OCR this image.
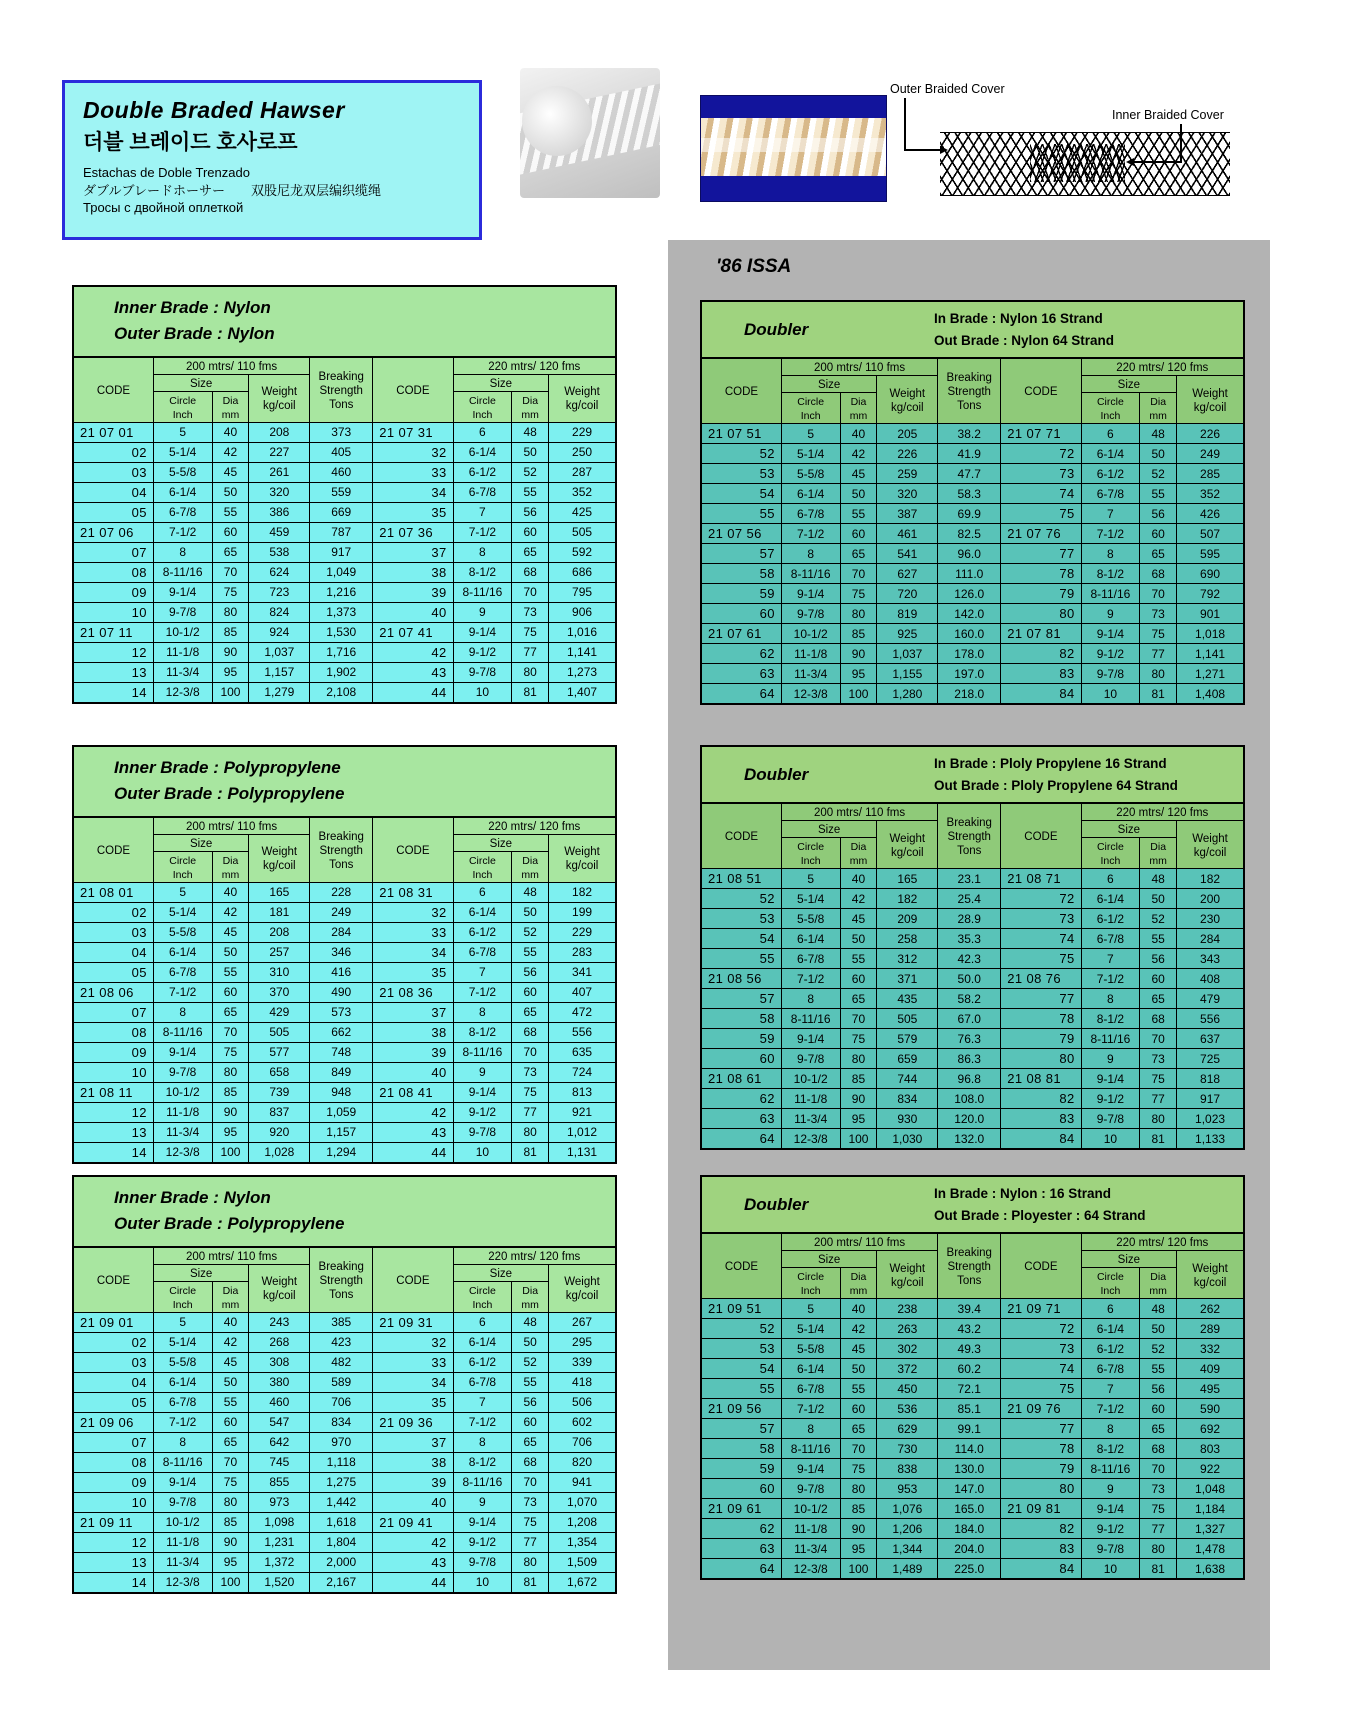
Double Braded Hawser
더블 브레이드 호사로프
Estachas de Doble Trenzado
ダブルブレードホーサー　　双股尼龙双层编织缆绳
Тросы с двойной оплеткой
Outer Braided Cover
Inner Braided Cover
'86 ISSA
Inner Brade : Nylon
Outer Brade : Nylon
CODE	200 mtrs/ 110 fms			Breaking
Strength
Tons	CODE	220 mtrs/ 120 fms		
	Size		Weight
kg/coil			Size		Weight
kg/coil
	Circle
Inch	Dia
mm				Circle
Inch	Dia
mm	
21 07 01	5	40	208	373	21 07 31	6	48	229
02	5-1/4	42	227	405	32	6-1/4	50	250
03	5-5/8	45	261	460	33	6-1/2	52	287
04	6-1/4	50	320	559	34	6-7/8	55	352
05	6-7/8	55	386	669	35	7	56	425
21 07 06	7-1/2	60	459	787	21 07 36	7-1/2	60	505
07	8	65	538	917	37	8	65	592
08	8-11/16	70	624	1,049	38	8-1/2	68	686
09	9-1/4	75	723	1,216	39	8-11/16	70	795
10	9-7/8	80	824	1,373	40	9	73	906
21 07 11	10-1/2	85	924	1,530	21 07 41	9-1/4	75	1,016
12	11-1/8	90	1,037	1,716	42	9-1/2	77	1,141
13	11-3/4	95	1,157	1,902	43	9-7/8	80	1,273
14	12-3/8	100	1,279	2,108	44	10	81	1,407
Inner Brade : Polypropylene
Outer Brade : Polypropylene
CODE	200 mtrs/ 110 fms			Breaking
Strength
Tons	CODE	220 mtrs/ 120 fms		
	Size		Weight
kg/coil			Size		Weight
kg/coil
	Circle
Inch	Dia
mm				Circle
Inch	Dia
mm	
21 08 01	5	40	165	228	21 08 31	6	48	182
02	5-1/4	42	181	249	32	6-1/4	50	199
03	5-5/8	45	208	284	33	6-1/2	52	229
04	6-1/4	50	257	346	34	6-7/8	55	283
05	6-7/8	55	310	416	35	7	56	341
21 08 06	7-1/2	60	370	490	21 08 36	7-1/2	60	407
07	8	65	429	573	37	8	65	472
08	8-11/16	70	505	662	38	8-1/2	68	556
09	9-1/4	75	577	748	39	8-11/16	70	635
10	9-7/8	80	658	849	40	9	73	724
21 08 11	10-1/2	85	739	948	21 08 41	9-1/4	75	813
12	11-1/8	90	837	1,059	42	9-1/2	77	921
13	11-3/4	95	920	1,157	43	9-7/8	80	1,012
14	12-3/8	100	1,028	1,294	44	10	81	1,131
Inner Brade : Nylon
Outer Brade : Polypropylene
CODE	200 mtrs/ 110 fms			Breaking
Strength
Tons	CODE	220 mtrs/ 120 fms		
	Size		Weight
kg/coil			Size		Weight
kg/coil
	Circle
Inch	Dia
mm				Circle
Inch	Dia
mm	
21 09 01	5	40	243	385	21 09 31	6	48	267
02	5-1/4	42	268	423	32	6-1/4	50	295
03	5-5/8	45	308	482	33	6-1/2	52	339
04	6-1/4	50	380	589	34	6-7/8	55	418
05	6-7/8	55	460	706	35	7	56	506
21 09 06	7-1/2	60	547	834	21 09 36	7-1/2	60	602
07	8	65	642	970	37	8	65	706
08	8-11/16	70	745	1,118	38	8-1/2	68	820
09	9-1/4	75	855	1,275	39	8-11/16	70	941
10	9-7/8	80	973	1,442	40	9	73	1,070
21 09 11	10-1/2	85	1,098	1,618	21 09 41	9-1/4	75	1,208
12	11-1/8	90	1,231	1,804	42	9-1/2	77	1,354
13	11-3/4	95	1,372	2,000	43	9-7/8	80	1,509
14	12-3/8	100	1,520	2,167	44	10	81	1,672
Doubler
In Brade : Nylon 16 Strand
Out Brade : Nylon 64 Strand
CODE	200 mtrs/ 110 fms			Breaking
Strength
Tons	CODE	220 mtrs/ 120 fms		
	Size		Weight
kg/coil			Size		Weight
kg/coil
	Circle
Inch	Dia
mm				Circle
Inch	Dia
mm	
21 07 51	5	40	205	38.2	21 07 71	6	48	226
52	5-1/4	42	226	41.9	72	6-1/4	50	249
53	5-5/8	45	259	47.7	73	6-1/2	52	285
54	6-1/4	50	320	58.3	74	6-7/8	55	352
55	6-7/8	55	387	69.9	75	7	56	426
21 07 56	7-1/2	60	461	82.5	21 07 76	7-1/2	60	507
57	8	65	541	96.0	77	8	65	595
58	8-11/16	70	627	111.0	78	8-1/2	68	690
59	9-1/4	75	720	126.0	79	8-11/16	70	792
60	9-7/8	80	819	142.0	80	9	73	901
21 07 61	10-1/2	85	925	160.0	21 07 81	9-1/4	75	1,018
62	11-1/8	90	1,037	178.0	82	9-1/2	77	1,141
63	11-3/4	95	1,155	197.0	83	9-7/8	80	1,271
64	12-3/8	100	1,280	218.0	84	10	81	1,408
Doubler
In Brade : Ploly Propylene 16 Strand
Out Brade : Ploly Propylene 64 Strand
CODE	200 mtrs/ 110 fms			Breaking
Strength
Tons	CODE	220 mtrs/ 120 fms		
	Size		Weight
kg/coil			Size		Weight
kg/coil
	Circle
Inch	Dia
mm				Circle
Inch	Dia
mm	
21 08 51	5	40	165	23.1	21 08 71	6	48	182
52	5-1/4	42	182	25.4	72	6-1/4	50	200
53	5-5/8	45	209	28.9	73	6-1/2	52	230
54	6-1/4	50	258	35.3	74	6-7/8	55	284
55	6-7/8	55	312	42.3	75	7	56	343
21 08 56	7-1/2	60	371	50.0	21 08 76	7-1/2	60	408
57	8	65	435	58.2	77	8	65	479
58	8-11/16	70	505	67.0	78	8-1/2	68	556
59	9-1/4	75	579	76.3	79	8-11/16	70	637
60	9-7/8	80	659	86.3	80	9	73	725
21 08 61	10-1/2	85	744	96.8	21 08 81	9-1/4	75	818
62	11-1/8	90	834	108.0	82	9-1/2	77	917
63	11-3/4	95	930	120.0	83	9-7/8	80	1,023
64	12-3/8	100	1,030	132.0	84	10	81	1,133
Doubler
In Brade : Nylon : 16 Strand
Out Brade : Ployester : 64 Strand
CODE	200 mtrs/ 110 fms			Breaking
Strength
Tons	CODE	220 mtrs/ 120 fms		
	Size		Weight
kg/coil			Size		Weight
kg/coil
	Circle
Inch	Dia
mm				Circle
Inch	Dia
mm	
21 09 51	5	40	238	39.4	21 09 71	6	48	262
52	5-1/4	42	263	43.2	72	6-1/4	50	289
53	5-5/8	45	302	49.3	73	6-1/2	52	332
54	6-1/4	50	372	60.2	74	6-7/8	55	409
55	6-7/8	55	450	72.1	75	7	56	495
21 09 56	7-1/2	60	536	85.1	21 09 76	7-1/2	60	590
57	8	65	629	99.1	77	8	65	692
58	8-11/16	70	730	114.0	78	8-1/2	68	803
59	9-1/4	75	838	130.0	79	8-11/16	70	922
60	9-7/8	80	953	147.0	80	9	73	1,048
21 09 61	10-1/2	85	1,076	165.0	21 09 81	9-1/4	75	1,184
62	11-1/8	90	1,206	184.0	82	9-1/2	77	1,327
63	11-3/4	95	1,344	204.0	83	9-7/8	80	1,478
64	12-3/8	100	1,489	225.0	84	10	81	1,638
